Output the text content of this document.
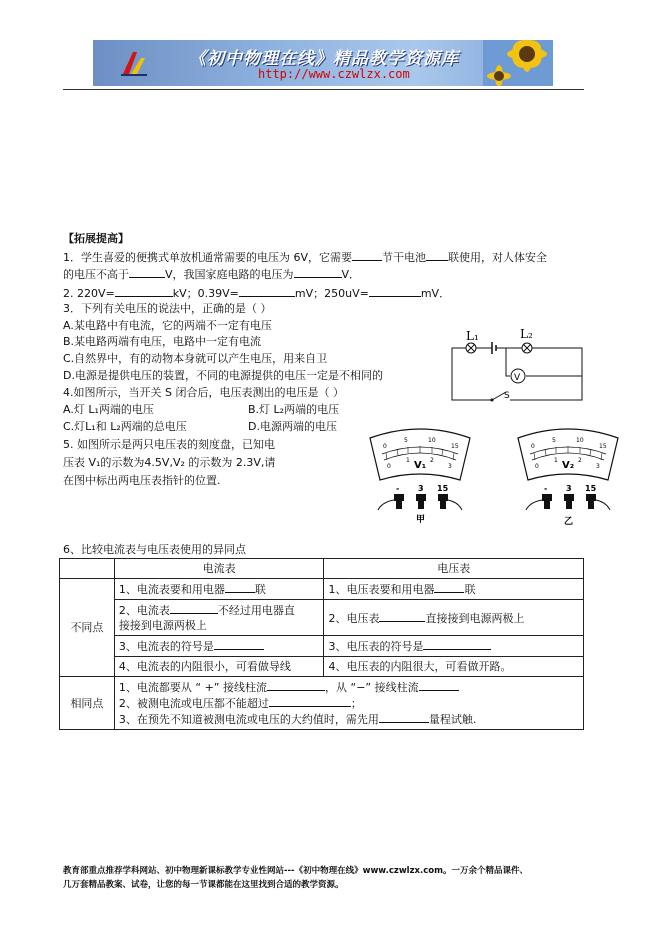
《初中物理在线》精品教学资源库
http://www.czwlzx.com
【拓展提高】
1．学生喜爱的便携式单放机通常需要的电压为 6V，它需要	节干电池 联使用，对人体安全
的电压不高于	V，我国家庭电路的电压为	V．
2. 220V=	kV；0.39V=	mV；250uV=	mV．
3．下列有关电压的说法中，正确的是（ ）
A.某电路中有电流，它的两端不一定有电压
B.某电路两端有电压，电路中一定有电流
C.自然界中，有的动物本身就可以产生电压，用来自卫
D.电源是提供电压的装置，不同的电源提供的电压一定是不相同的
4.如图所示，当开关 S 闭合后，电压表测出的电压是（ ）
A.灯 L₁两端的电压	B.灯 L₂两端的电压
C.灯L₁和 L₂两端的总电压	D.电源两端的电压
L₁	L₂
V
S
5. 如图所示是两只电压表的刻度盘，已知电
压表 V₁的示数为4.5V,V₂ 的示数为 2.3V,请
在图中标出两电压表指针的位置.
0
5	10
15
0
1	2
3
V₁
- 3 15
甲
0
5	10
15
0
1	2
3
V₂
- 3 15
乙
6、比较电流表与电压表使用的异同点
	电流表	电压表
不同点	1、电流表要和用电器 联	1、电压表要和用电器 联
	2、电流表 不经过用电器直
接接到电源两极上	2、电压表 直接接到电源两极上
	3、电流表的符号是	3、电压表的符号是
	4、电流表的内阻很小，可看做导线	4、电压表的内阻很大，可看做开路。
相同点	1、电流都要从 “ +” 接线柱流 ，从 “−” 接线柱流
2、被测电流或电压都不能超过 ；
3、在预先不知道被测电流或电压的大约值时，需先用 量程试触.	
教育部重点推荐学科网站、初中物理新课标教学专业性网站---《初中物理在线》www.czwlzx.com。一万余个精品课件、
几万套精品教案、试卷，让您的每一节课都能在这里找到合适的教学资源。
